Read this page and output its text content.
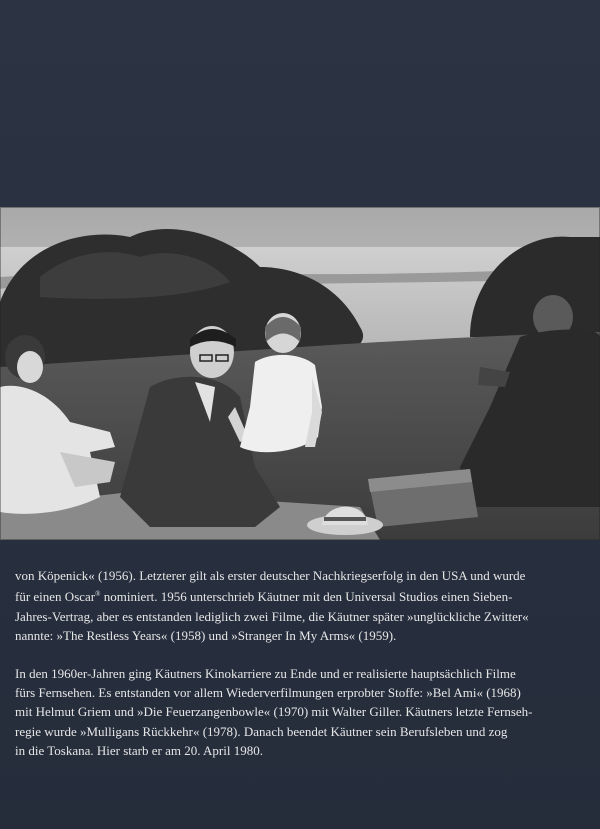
von Köpenick« (1956). Letzterer gilt als erster deutscher Nachkriegserfolg in den USA und wurde
für einen Oscar® nominiert. 1956 unterschrieb Käutner mit den Universal Studios einen Sieben-
Jahres-Vertrag, aber es entstanden lediglich zwei Filme, die Käutner später »unglückliche Zwitter«
nannte: »The Restless Years« (1958) und »Stranger In My Arms« (1959).

In den 1960er-Jahren ging Käutners Kinokarriere zu Ende und er realisierte hauptsächlich Filme
fürs Fernsehen. Es entstanden vor allem Wiederverfilmungen erprobter Stoffe: »Bel Ami« (1968)
mit Helmut Griem und »Die Feuerzangenbowle« (1970) mit Walter Giller. Käutners letzte Fernseh-
regie wurde »Mulligans Rückkehr« (1978). Danach beendet Käutner sein Berufsleben und zog
in die Toskana. Hier starb er am 20. April 1980.
